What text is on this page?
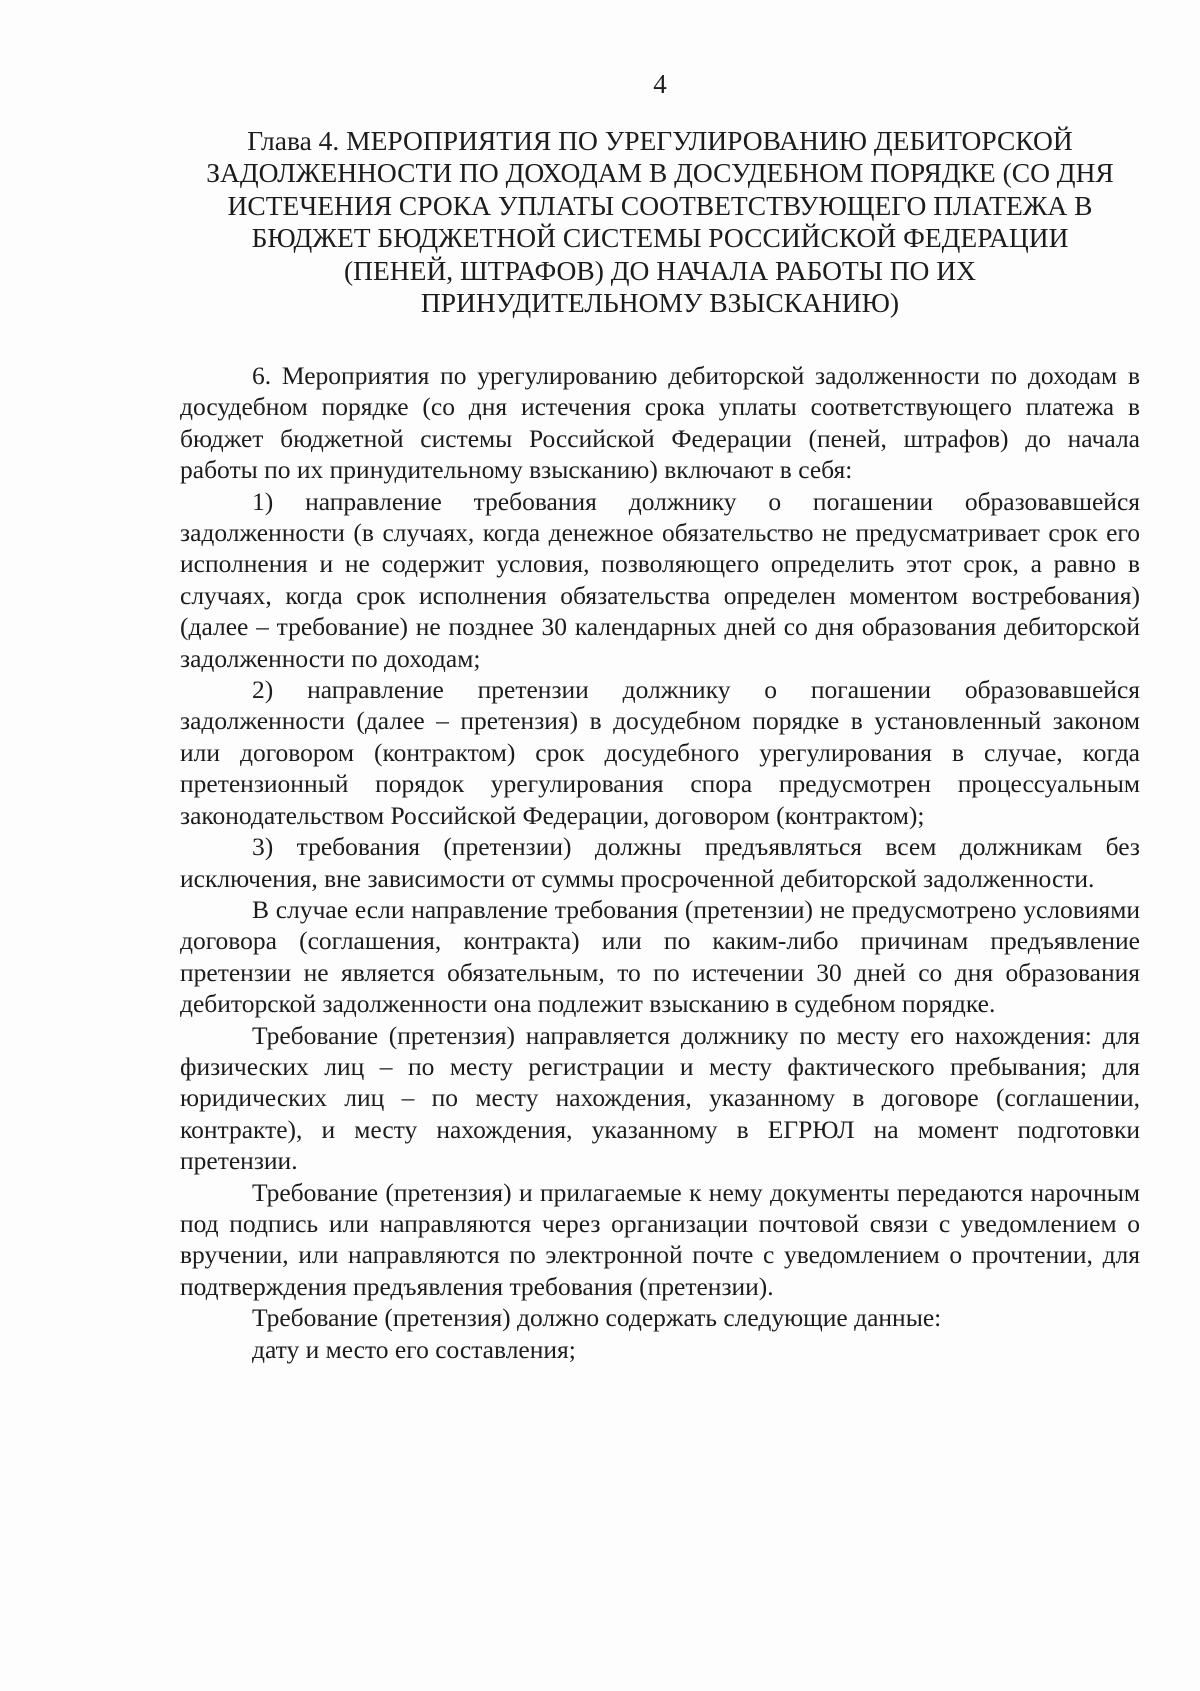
4
Глава 4. МЕРОПРИЯТИЯ ПО УРЕГУЛИРОВАНИЮ ДЕБИТОРСКОЙ
ЗАДОЛЖЕННОСТИ ПО ДОХОДАМ В ДОСУДЕБНОМ ПОРЯДКЕ (СО ДНЯ
ИСТЕЧЕНИЯ СРОКА УПЛАТЫ СООТВЕТСТВУЮЩЕГО ПЛАТЕЖА В
БЮДЖЕТ БЮДЖЕТНОЙ СИСТЕМЫ РОССИЙСКОЙ ФЕДЕРАЦИИ
(ПЕНЕЙ, ШТРАФОВ) ДО НАЧАЛА РАБОТЫ ПО ИХ
ПРИНУДИТЕЛЬНОМУ ВЗЫСКАНИЮ)

6. Мероприятия по урегулированию дебиторской задолженности по доходам в досудебном порядке (со дня истечения срока уплаты соответствующего платежа в бюджет бюджетной системы Российской Федерации (пеней, штрафов) до начала работы по их принудительному взысканию) включают в себя:

1) направление требования должнику о погашении образовавшейся задолженности (в случаях, когда денежное обязательство не предусматривает срок его исполнения и не содержит условия, позволяющего определить этот срок, а равно в случаях, когда срок исполнения обязательства определен моментом востребования) (далее – требование) не позднее 30 календарных дней со дня образования дебиторской задолженности по доходам;

2) направление претензии должнику о погашении образовавшейся задолженности (далее – претензия) в досудебном порядке в установленный законом или договором (контрактом) срок досудебного урегулирования в случае, когда претензионный порядок урегулирования спора предусмотрен процессуальным законодательством Российской Федерации, договором (контрактом);

3) требования (претензии) должны предъявляться всем должникам без исключения, вне зависимости от суммы просроченной дебиторской задолженности.

В случае если направление требования (претензии) не предусмотрено условиями договора (соглашения, контракта) или по каким-либо причинам предъявление претензии не является обязательным, то по истечении 30 дней со дня образования дебиторской задолженности она подлежит взысканию в судебном порядке.

Требование (претензия) направляется должнику по месту его нахождения: для физических лиц – по месту регистрации и месту фактического пребывания; для юридических лиц – по месту нахождения, указанному в договоре (соглашении, контракте), и месту нахождения, указанному в ЕГРЮЛ на момент подготовки претензии.

Требование (претензия) и прилагаемые к нему документы передаются нарочным под подпись или направляются через организации почтовой связи с уведомлением о вручении, или направляются по электронной почте с уведомлением о прочтении, для подтверждения предъявления требования (претензии).

Требование (претензия) должно содержать следующие данные:

дату и место его составления;
